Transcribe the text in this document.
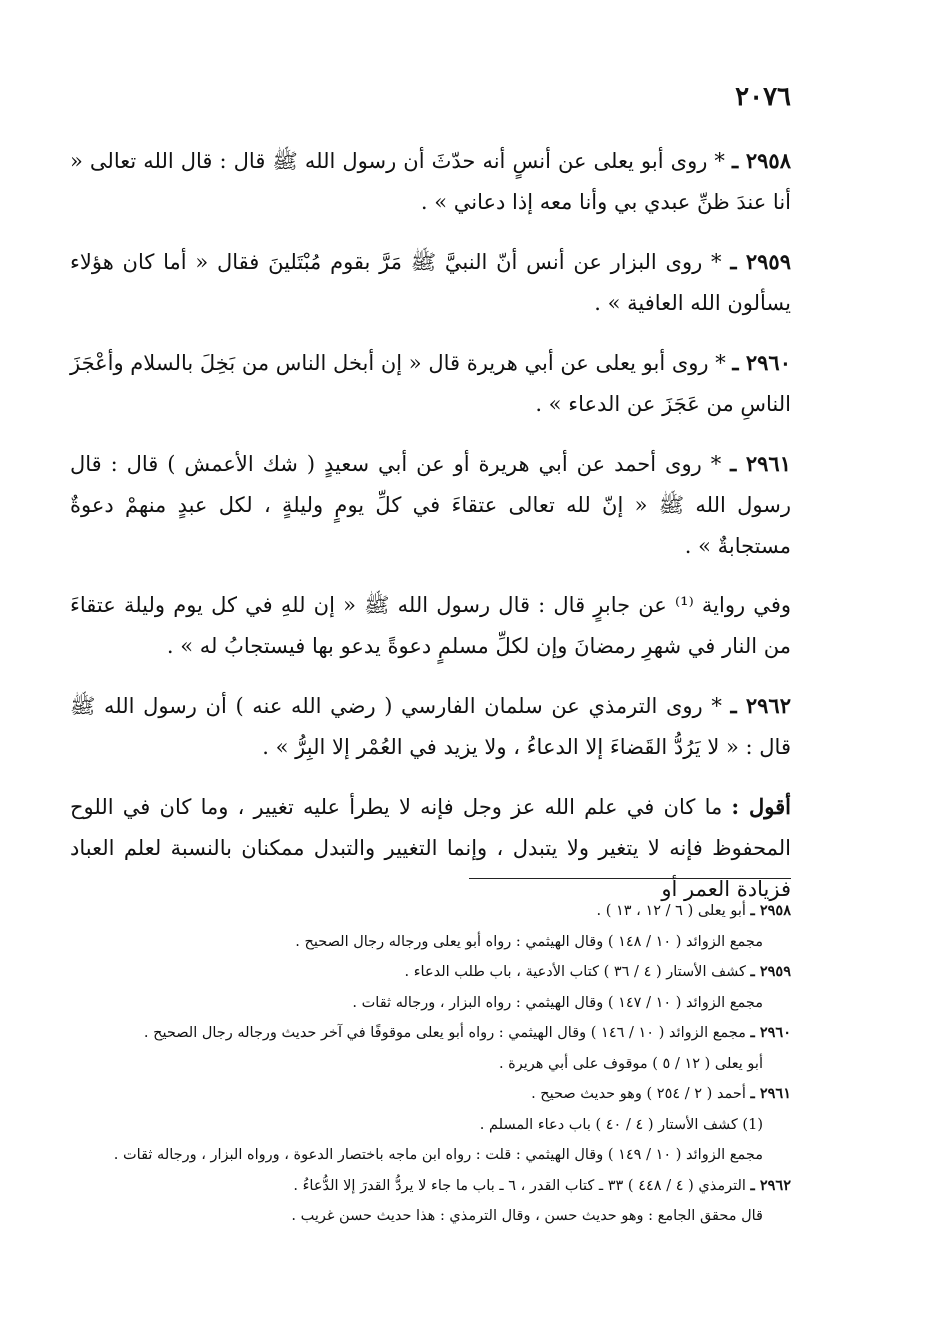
٢٠٧٦

٢٩٥٨ ـ * روى أبو يعلى عن أنسٍ أنه حدّثَ أن رسول الله ﷺ قال : قال الله تعالى « أنا عندَ ظنِّ عبدي بي وأنا معه إذا دعاني » .

٢٩٥٩ ـ * روى البزار عن أنس أنّ النبيَّ ﷺ مَرَّ بقوم مُبْتَلينَ فقال « أما كان هؤلاء يسألون الله العافية » .

٢٩٦٠ ـ * روى أبو يعلى عن أبي هريرة قال « إن أبخل الناس من بَخِلَ بالسلام وأعْجَزَ الناسِ من عَجَزَ عن الدعاء » .

٢٩٦١ ـ * روى أحمد عن أبي هريرة أو عن أبي سعيدٍ ( شك الأعمش ) قال : قال رسول الله ﷺ « إنّ لله تعالى عتقاءَ في كلِّ يومٍ وليلةٍ ، لكل عبدٍ منهمْ دعوةٌ مستجابةٌ » .

وفي رواية ⁽¹⁾ عن جابرٍ قال : قال رسول الله ﷺ « إن للهِ في كل يوم وليلة عتقاءَ من النار في شهرِ رمضانَ وإن لكلِّ مسلمٍ دعوةً يدعو بها فيستجابُ له » .

٢٩٦٢ ـ * روى الترمذي عن سلمان الفارسي ( رضي الله عنه ) أن رسول الله ﷺ قال : « لا يَرُدُّ القَضاءَ إلا الدعاءُ ، ولا يزيد في العُمْر إلا البِرُّ » .

أقول : ما كان في علم الله عز وجل فإنه لا يطرأ عليه تغيير ، وما كان في اللوح المحفوظ فإنه لا يتغير ولا يتبدل ، وإنما التغيير والتبدل ممكنان بالنسبة لعلم العباد فزيادة العمر أو

٢٩٥٨ ـ أبو يعلى ( ٦ / ١٢ ، ١٣ ) .
مجمع الزوائد ( ١٠ / ١٤٨ ) وقال الهيثمي : رواه أبو يعلى ورجاله رجال الصحيح .
٢٩٥٩ ـ كشف الأستار ( ٤ / ٣٦ ) كتاب الأدعية ، باب طلب الدعاء .
مجمع الزوائد ( ١٠ / ١٤٧ ) وقال الهيثمي : رواه البزار ، ورجاله ثقات .
٢٩٦٠ ـ مجمع الزوائد ( ١٠ / ١٤٦ ) وقال الهيثمي : رواه أبو يعلى موقوفًا في آخر حديث ورجاله رجال الصحيح .
أبو يعلى ( ١٢ / ٥ ) موقوف على أبي هريرة .
٢٩٦١ ـ أحمد ( ٢ / ٢٥٤ ) وهو حديث صحيح .
(1) كشف الأستار ( ٤ / ٤٠ ) باب دعاء المسلم .
مجمع الزوائد ( ١٠ / ١٤٩ ) وقال الهيثمي : قلت : رواه ابن ماجه باختصار الدعوة ، ورواه البزار ، ورجاله ثقات .
٢٩٦٢ ـ الترمذي ( ٤ / ٤٤٨ ) ٣٣ ـ كتاب القدر ، ٦ ـ باب ما جاء لا يردُّ القدرَ إلا الدُّعاءُ .
قال محقق الجامع : وهو حديث حسن ، وقال الترمذي : هذا حديث حسن غريب .
